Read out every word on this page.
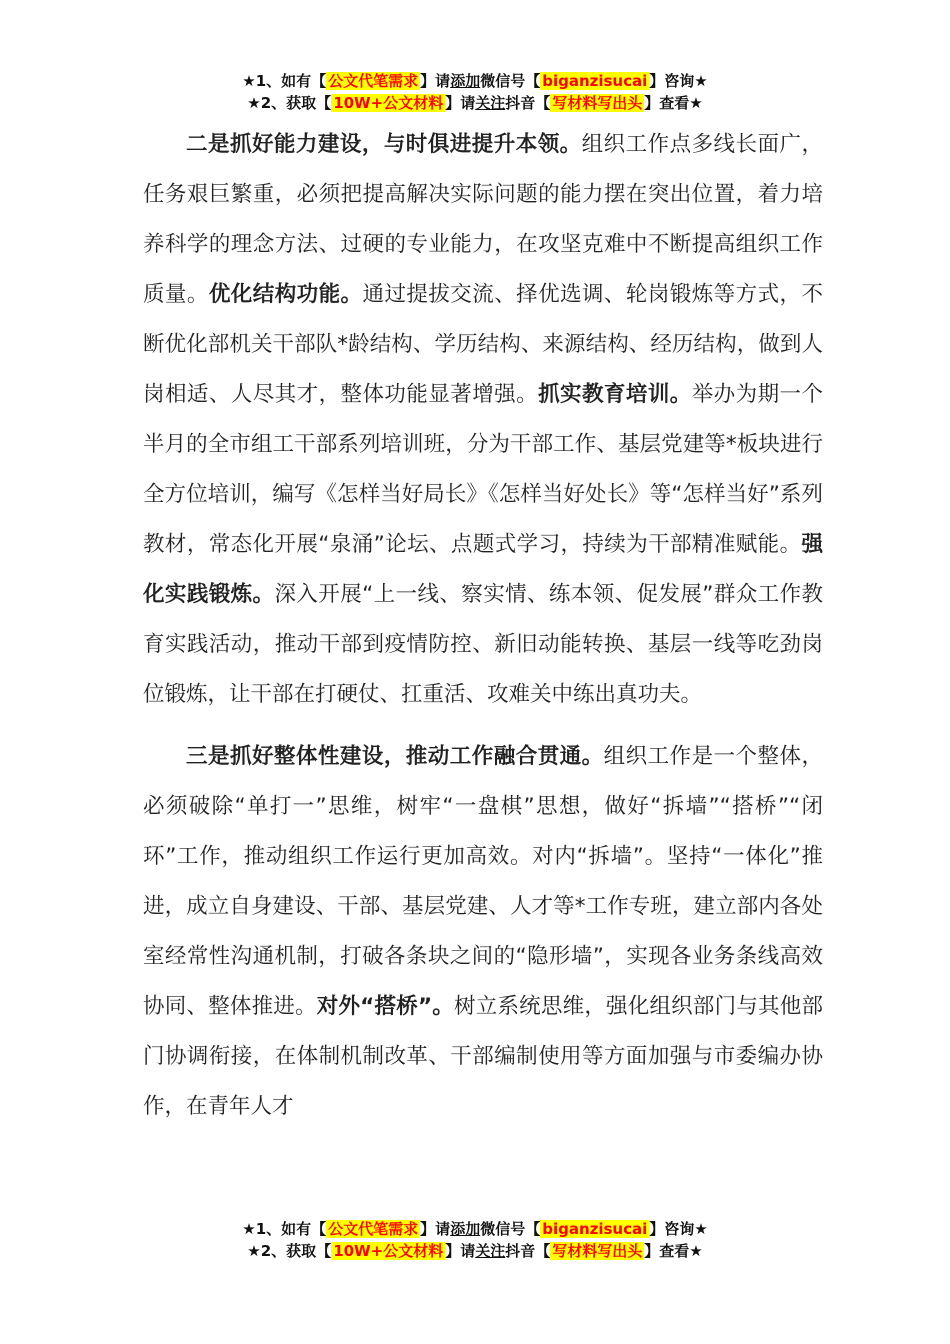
★1、如有【 公文代笔需求 】请添加微信号【 biganzisucai 】咨询★
★2、获取【 10W+公文材料 】请关注抖音【 写材料写出头 】查看★

二是抓好能力建设，与时俱进提升本领。组织工作点多线长面广，任务艰巨繁重，必须把提高解决实际问题的能力摆在突出位置，着力培养科学的理念方法、过硬的专业能力，在攻坚克难中不断提高组织工作质量。优化结构功能。通过提拔交流、择优选调、轮岗锻炼等方式，不断优化部机关干部队*龄结构、学历结构、来源结构、经历结构，做到人岗相适、人尽其才，整体功能显著增强。抓实教育培训。举办为期一个半月的全市组工干部系列培训班，分为干部工作、基层党建等*板块进行全方位培训，编写《怎样当好局长》《怎样当好处长》等“怎样当好”系列教材，常态化开展“泉涌”论坛、点题式学习，持续为干部精准赋能。强化实践锻炼。深入开展“上一线、察实情、练本领、促发展”群众工作教育实践活动，推动干部到疫情防控、新旧动能转换、基层一线等吃劲岗位锻炼，让干部在打硬仗、扛重活、攻难关中练出真功夫。

三是抓好整体性建设，推动工作融合贯通。组织工作是一个整体，必须破除“单打一”思维，树牢“一盘棋”思想，做好“拆墙”“搭桥”“闭环”工作，推动组织工作运行更加高效。对内“拆墙”。坚持“一体化”推进，成立自身建设、干部、基层党建、人才等*工作专班，建立部内各处室经常性沟通机制，打破各条块之间的“隐形墙”，实现各业务条线高效协同、整体推进。对外“搭桥”。树立系统思维，强化组织部门与其他部门协调衔接，在体制机制改革、干部编制使用等方面加强与市委编办协作，在青年人才

★1、如有【 公文代笔需求 】请添加微信号【 biganzisucai 】咨询★
★2、获取【 10W+公文材料 】请关注抖音【 写材料写出头 】查看★
